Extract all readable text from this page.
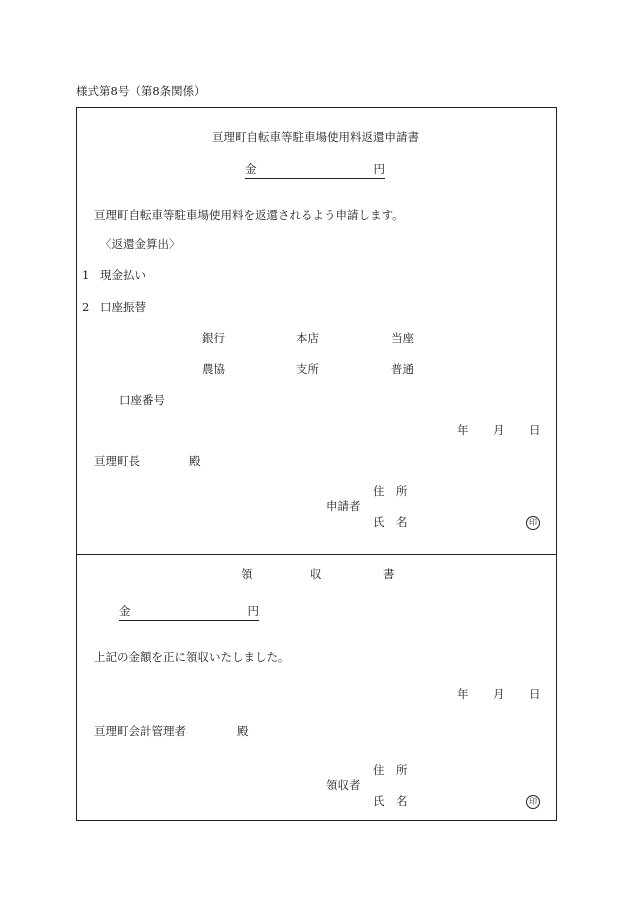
様式第8号（第8条関係）
亘理町自転車等駐車場使用料返還申請書
金	円
亘理町自転車等駐車場使用料を返還されるよう申請します。
〈返還金算出〉
1 現金払い
2 口座振替
銀行	本店	当座
農協	支所	普通
口座番号
年 月 日
亘理町長	殿
住　所
申請者
氏　名	印
領	収	書
金	円
上記の金額を正に領収いたしました。
年 月 日
亘理町会計管理者	殿
住　所
領収者
氏　名	印
